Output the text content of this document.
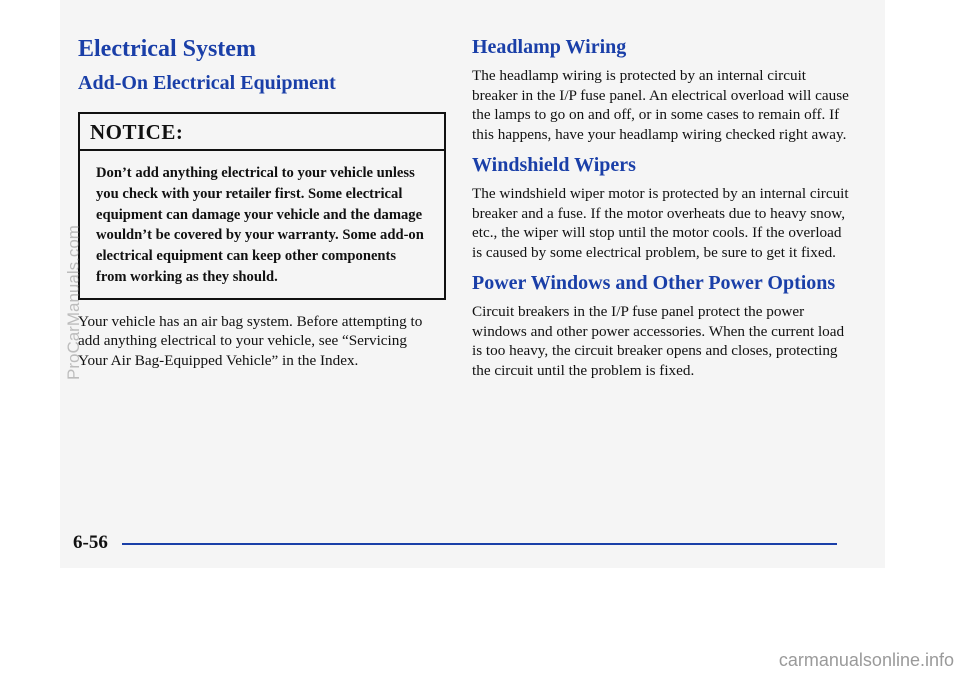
Electrical System
Add-On Electrical Equipment
NOTICE:
Don’t add anything electrical to your vehicle unless you check with your retailer first. Some electrical equipment can damage your vehicle and the damage wouldn’t be covered by your warranty. Some add-on electrical equipment can keep other components from working as they should.

Your vehicle has an air bag system. Before attempting to add anything electrical to your vehicle, see “Servicing Your Air Bag-Equipped Vehicle” in the Index.

Headlamp Wiring

The headlamp wiring is protected by an internal circuit breaker in the I/P fuse panel. An electrical overload will cause the lamps to go on and off, or in some cases to remain off. If this happens, have your headlamp wiring checked right away.

Windshield Wipers

The windshield wiper motor is protected by an internal circuit breaker and a fuse. If the motor overheats due to heavy snow, etc., the wiper will stop until the motor cools. If the overload is caused by some electrical problem, be sure to get it fixed.

Power Windows and Other Power Options

Circuit breakers in the I/P fuse panel protect the power windows and other power accessories. When the current load is too heavy, the circuit breaker opens and closes, protecting the circuit until the problem is fixed.

6-56
ProCarManuals.com
carmanualsonline.info
